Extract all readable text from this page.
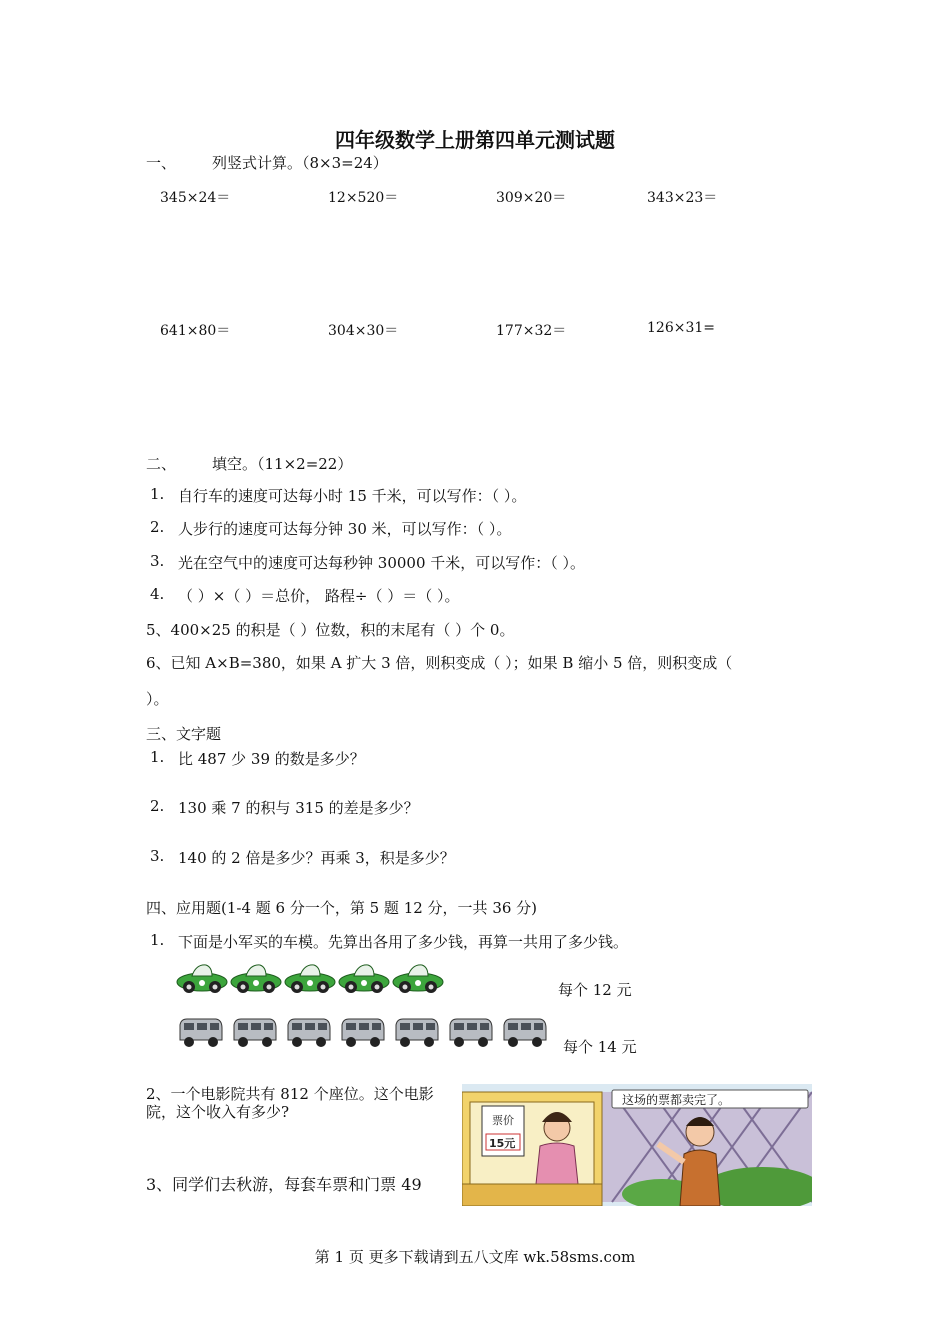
四年级数学上册第四单元测试题
一、 列竖式计算。（8×3=24）
345×24＝	12×520＝	309×20＝	343×23＝
641×80＝	304×30＝	177×32＝	126×31=
二、 填空。（11×2=22）
1. 自行车的速度可达每小时 15 千米，可以写作：（ ）。
2. 人步行的速度可达每分钟 30 米，可以写作：（ ）。
3. 光在空气中的速度可达每秒钟 30000 千米，可以写作：（ ）。
4. （ ）×（ ）＝总价， 路程÷（ ）＝（ ）。
5、400×25 的积是（ ）位数，积的末尾有（ ）个 0。
6、已知 A×B=380，如果 A 扩大 3 倍，则积变成（ ）；如果 B 缩小 5 倍，则积变成（
）。
三、文字题
1. 比 487 少 39 的数是多少？
2. 130 乘 7 的积与 315 的差是多少？
3. 140 的 2 倍是多少？再乘 3，积是多少？
四、应用题(1-4 题 6 分一个，第 5 题 12 分，一共 36 分)
1. 下面是小军买的车模。先算出各用了多少钱，再算一共用了多少钱。
每个 12 元
每个 14 元
2、一个电影院共有 812 个座位。这个电影
院，这个收入有多少?
3、同学们去秋游，每套车票和门票 49
票价
15元
这场的票都卖完了。
第 1 页 更多下载请到五八文库 wk.58sms.com
